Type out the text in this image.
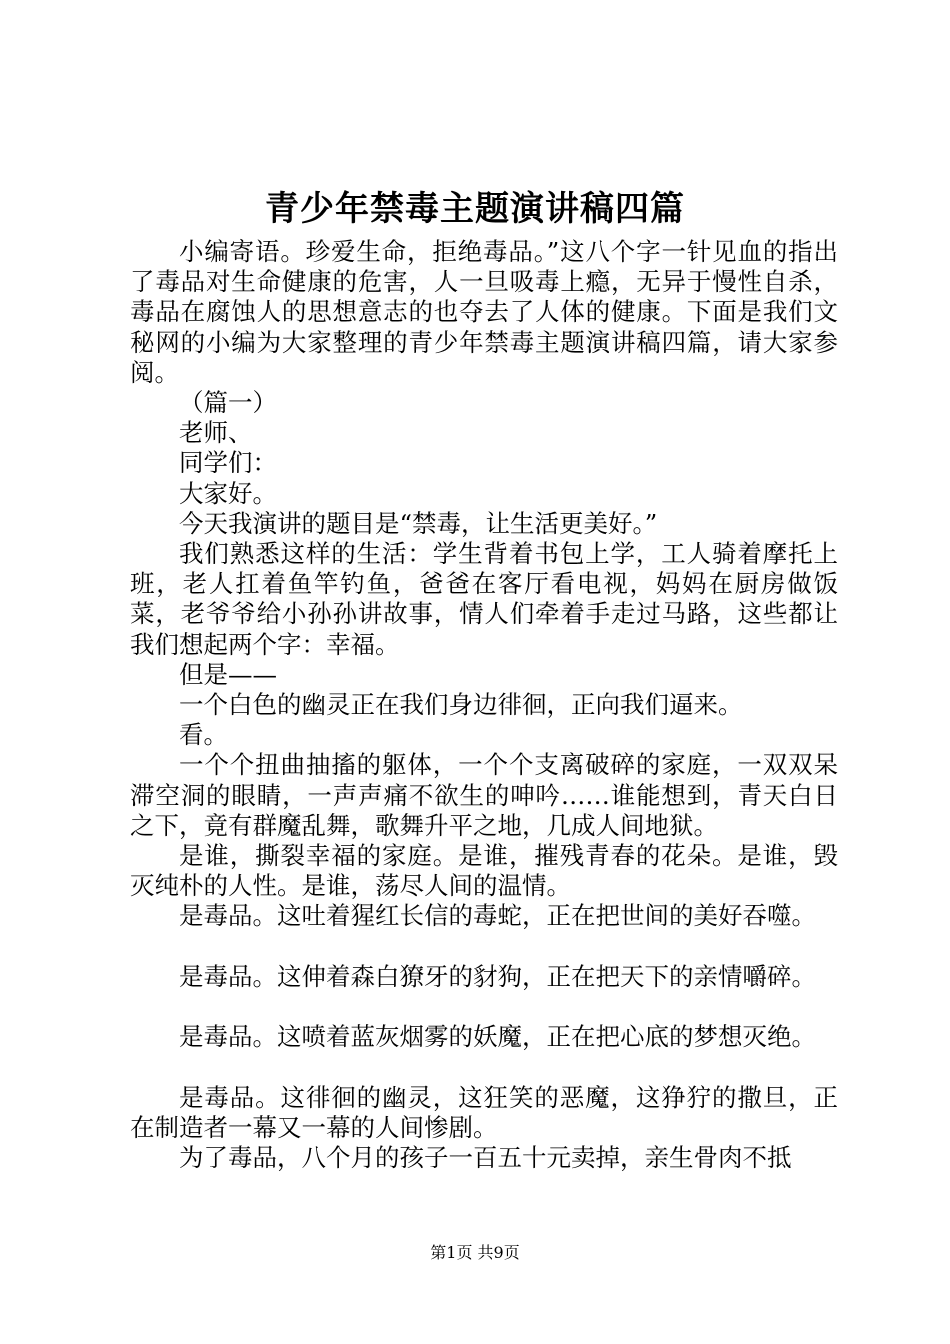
青少年禁毒主题演讲稿四篇

小编寄语。珍爱生命，拒绝毒品。”这八个字一针见血的指出了毒品对生命健康的危害，人一旦吸毒上瘾，无异于慢性自杀，毒品在腐蚀人的思想意志的也夺去了人体的健康。下面是我们文秘网的小编为大家整理的青少年禁毒主题演讲稿四篇，请大家参阅。

（篇一）

老师、

同学们：

大家好。

今天我演讲的题目是“禁毒，让生活更美好。”

我们熟悉这样的生活：学生背着书包上学，工人骑着摩托上班，老人扛着鱼竿钓鱼，爸爸在客厅看电视，妈妈在厨房做饭菜，老爷爷给小孙孙讲故事，情人们牵着手走过马路，这些都让我们想起两个字：幸福。

但是——

一个白色的幽灵正在我们身边徘徊，正向我们逼来。

看。

一个个扭曲抽搐的躯体，一个个支离破碎的家庭，一双双呆滞空洞的眼睛，一声声痛不欲生的呻吟……谁能想到，青天白日之下，竟有群魔乱舞，歌舞升平之地，几成人间地狱。

是谁，撕裂幸福的家庭。是谁，摧残青春的花朵。是谁，毁灭纯朴的人性。是谁，荡尽人间的温情。

是毒品。这吐着猩红长信的毒蛇，正在把世间的美好吞噬。

是毒品。这伸着森白獠牙的豺狗，正在把天下的亲情嚼碎。

是毒品。这喷着蓝灰烟雾的妖魔，正在把心底的梦想灭绝。

是毒品。这徘徊的幽灵，这狂笑的恶魔，这狰狞的撒旦，正在制造者一幕又一幕的人间惨剧。

为了毒品，八个月的孩子一百五十元卖掉，亲生骨肉不抵

第1页 共9页
